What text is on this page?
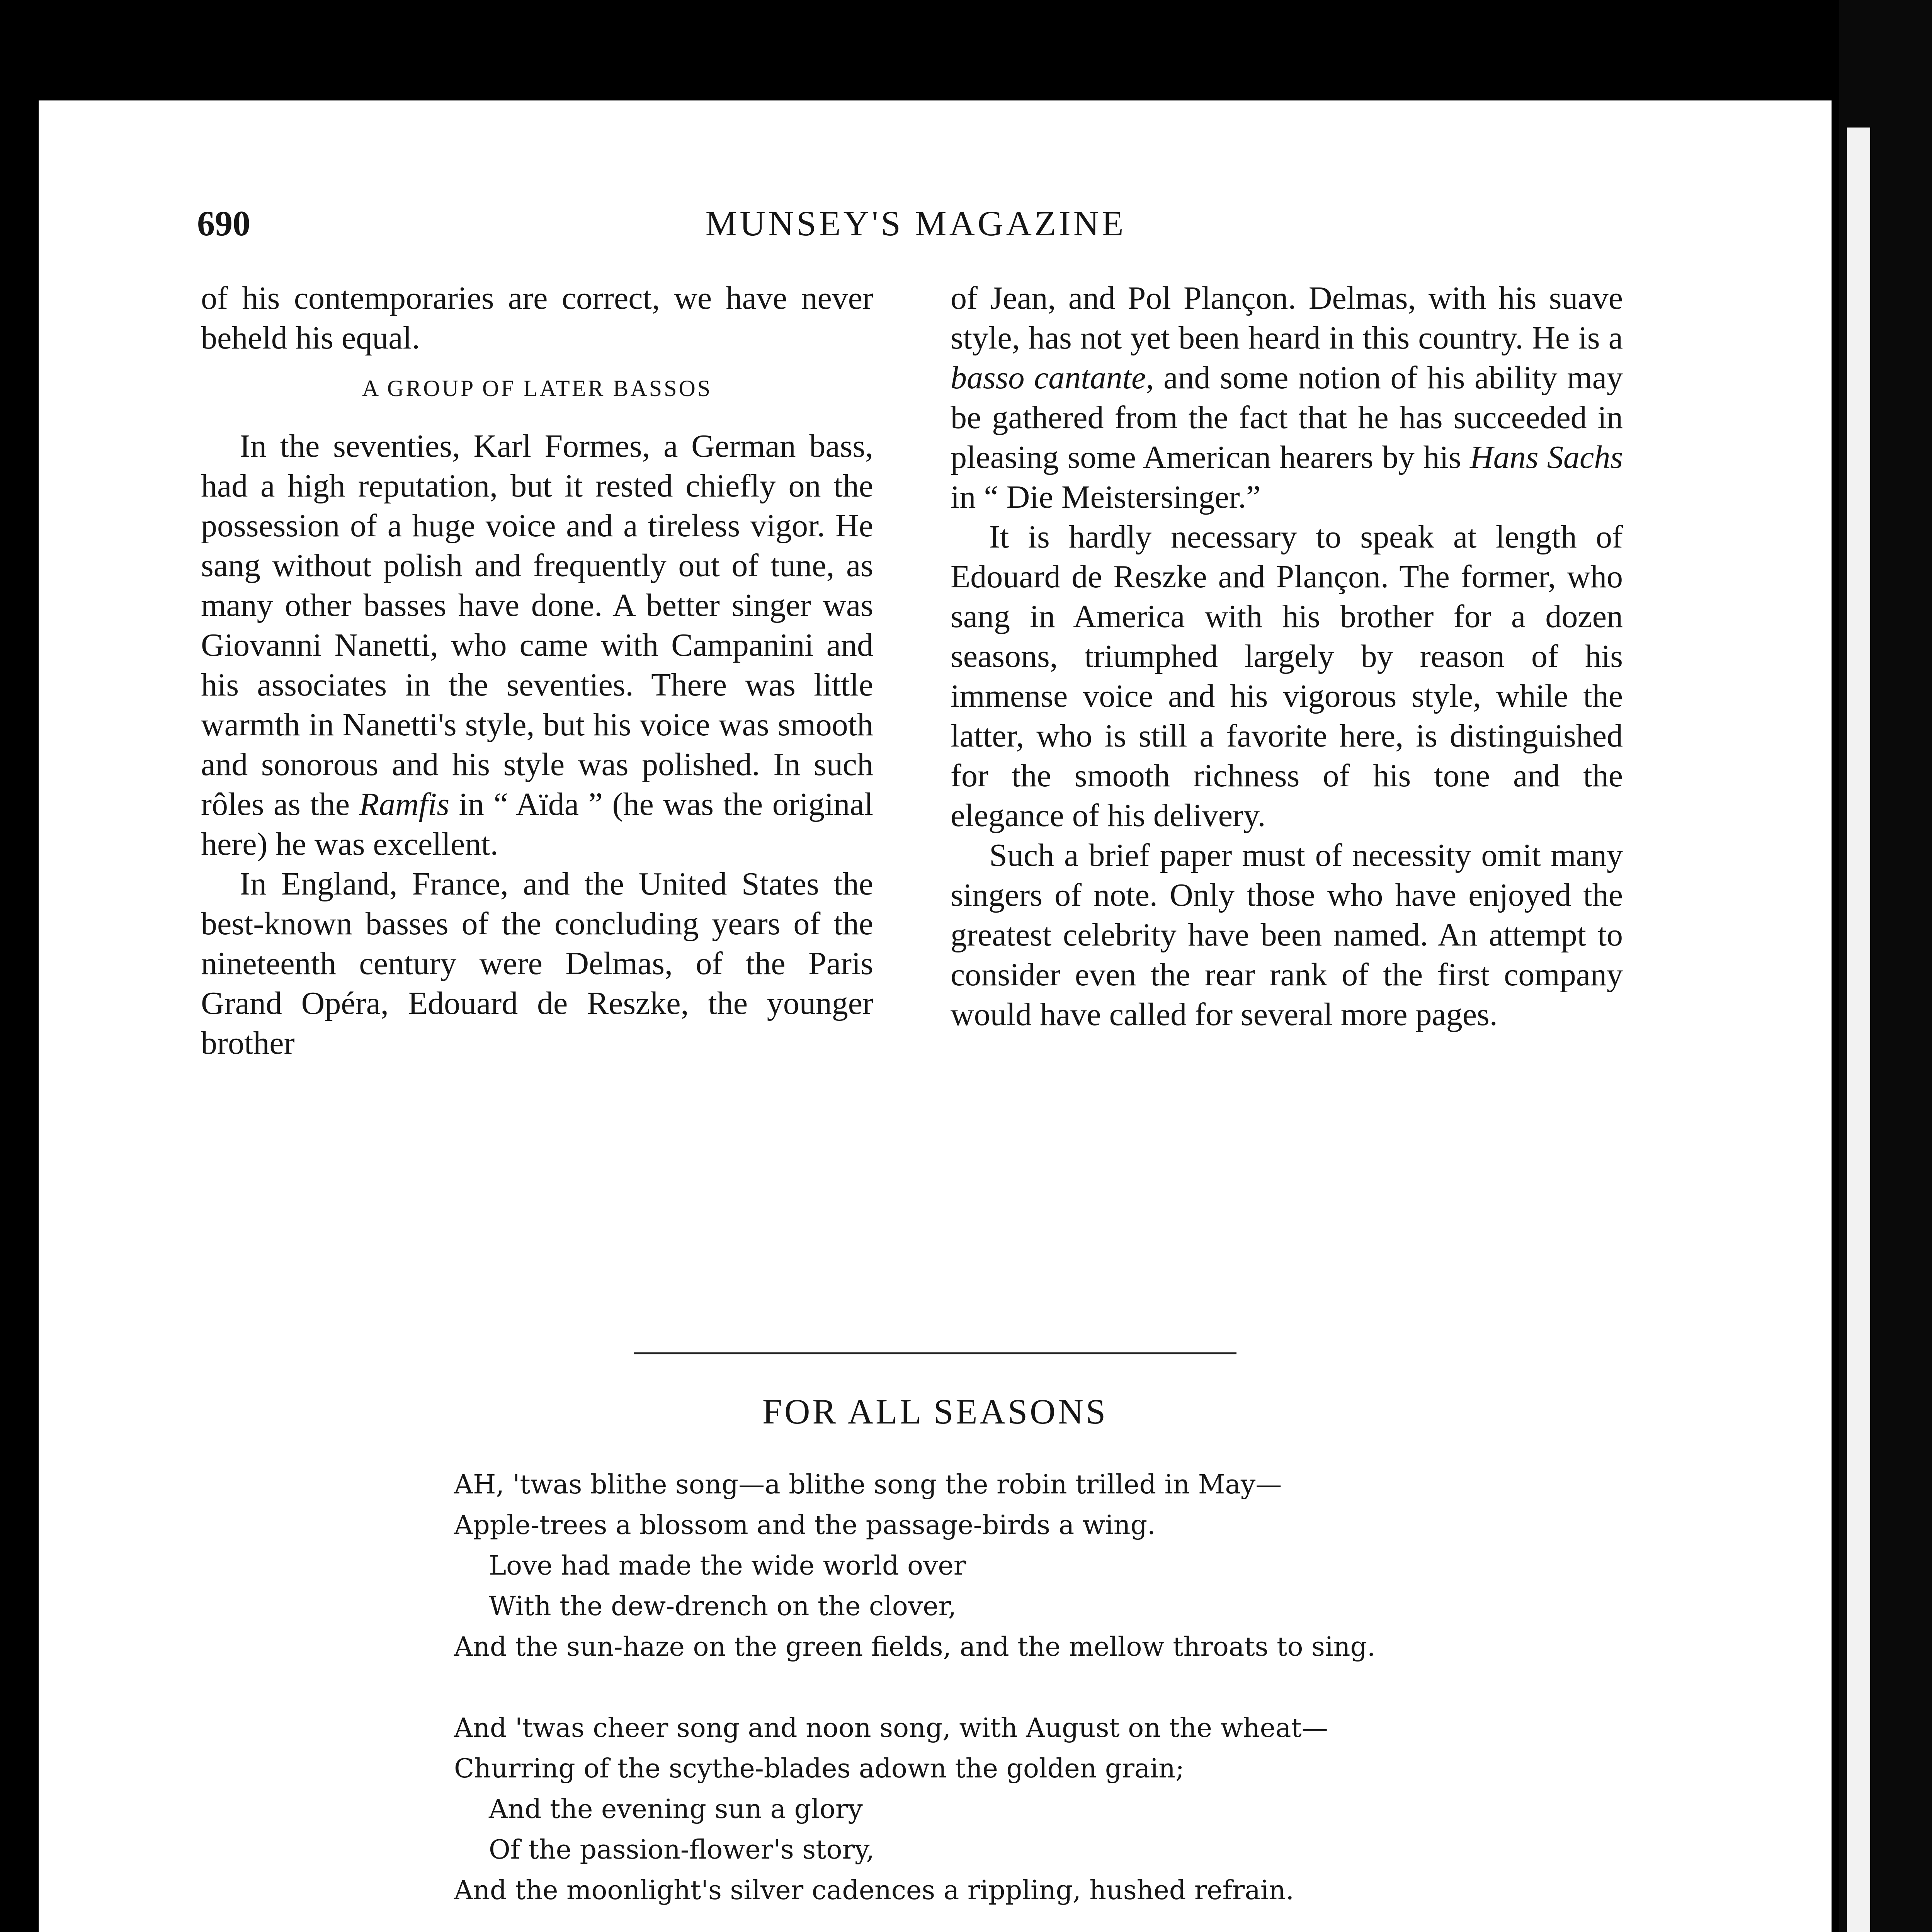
690	MUNSEY'S MAGAZINE

of his contemporaries are correct, we have never beheld his equal.

A GROUP OF LATER BASSOS

In the seventies, Karl Formes, a German bass, had a high reputation, but it rested chiefly on the possession of a huge voice and a tireless vigor. He sang without polish and frequently out of tune, as many other basses have done. A better singer was Giovanni Nanetti, who came with Campanini and his associates in the seventies. There was little warmth in Nanetti's style, but his voice was smooth and sonorous and his style was polished. In such rôles as the Ramfis in “ Aïda ” (he was the original here) he was excellent.

In England, France, and the United States the best-known basses of the concluding years of the nineteenth century were Delmas, of the Paris Grand Opéra, Edouard de Reszke, the younger brother

of Jean, and Pol Plançon. Delmas, with his suave style, has not yet been heard in this country. He is a basso cantante, and some notion of his ability may be gathered from the fact that he has succeeded in pleasing some American hearers by his Hans Sachs in “ Die Meistersinger.”

It is hardly necessary to speak at length of Edouard de Reszke and Plançon. The former, who sang in America with his brother for a dozen seasons, triumphed largely by reason of his immense voice and his vigorous style, while the latter, who is still a favorite here, is distinguished for the smooth richness of his tone and the elegance of his delivery.

Such a brief paper must of necessity omit many singers of note. Only those who have enjoyed the greatest celebrity have been named. An attempt to consider even the rear rank of the first company would have called for several more pages.

FOR ALL SEASONS
AH, 'twas blithe song—a blithe song the robin trilled in May—
Apple-trees a blossom and the passage-birds a wing.
Love had made the wide world over
With the dew-drench on the clover,
And the sun-haze on the green fields, and the mellow throats to sing.
And 'twas cheer song and noon song, with August on the wheat—
Churring of the scythe-blades adown the golden grain;
And the evening sun a glory
Of the passion-flower's story,
And the moonlight's silver cadences a rippling, hushed refrain.
